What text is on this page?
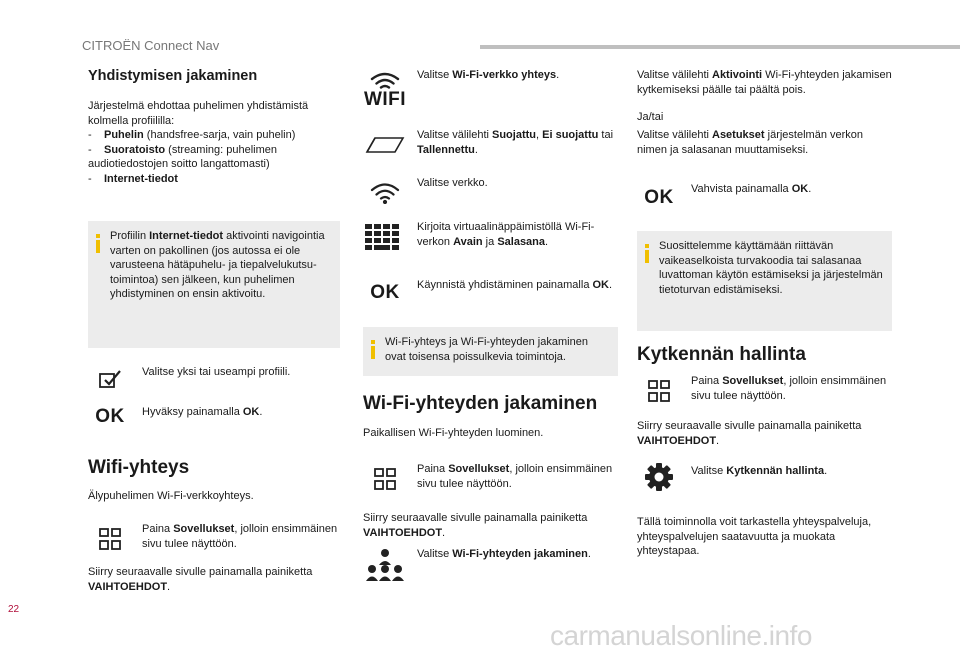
CITROËN Connect Nav
Yhdistymisen jakaminen
Järjestelmä ehdottaa puhelimen yhdistämistä kolmella profiililla:
- Puhelin (handsfree-sarja, vain puhelin)
- Suoratoisto (streaming: puhelimen audiotiedostojen soitto langattomasti)
- Internet-tiedot
Profiilin Internet-tiedot aktivointi navigointia varten on pakollinen (jos autossa ei ole varusteena hätäpuhelu- ja tiepalvelukutsu-toimintoa) sen jälkeen, kun puhelimen yhdistyminen on ensin aktivoitu.
Valitse yksi tai useampi profiili.
OK Hyväksy painamalla OK.
Wifi-yhteys
Älypuhelimen Wi-Fi-verkkoyhteys.
Paina Sovellukset, jolloin ensimmäinen sivu tulee näyttöön.
Siirry seuraavalle sivulle painamalla painiketta VAIHTOEHDOT.
WIFI
Valitse Wi-Fi-verkko yhteys.
Valitse välilehti Suojattu, Ei suojattu tai Tallennettu.
Valitse verkko.
Kirjoita virtuaalinäppäimistöllä Wi-Fi-verkon Avain ja Salasana.
OK Käynnistä yhdistäminen painamalla OK.
Wi-Fi-yhteys ja Wi-Fi-yhteyden jakaminen ovat toisensa poissulkevia toimintoja.
Wi-Fi-yhteyden jakaminen
Paikallisen Wi-Fi-yhteyden luominen.
Paina Sovellukset, jolloin ensimmäinen sivu tulee näyttöön.
Siirry seuraavalle sivulle painamalla painiketta VAIHTOEHDOT.
Valitse Wi-Fi-yhteyden jakaminen.
Valitse välilehti Aktivointi Wi-Fi-yhteyden jakamisen kytkemiseksi päälle tai päältä pois.
Ja/tai
Valitse välilehti Asetukset järjestelmän verkon nimen ja salasanan muuttamiseksi.
OK Vahvista painamalla OK.
Suosittelemme käyttämään riittävän vaikeaselkoista turvakoodia tai salasanaa luvattoman käytön estämiseksi ja järjestelmän tietoturvan edistämiseksi.
Kytkennän hallinta
Paina Sovellukset, jolloin ensimmäinen sivu tulee näyttöön.
Siirry seuraavalle sivulle painamalla painiketta VAIHTOEHDOT.
Valitse Kytkennän hallinta.
Tällä toiminnolla voit tarkastella yhteyspalveluja, yhteyspalvelujen saatavuutta ja muokata yhteystapaa.
22
carmanualsonline.info
